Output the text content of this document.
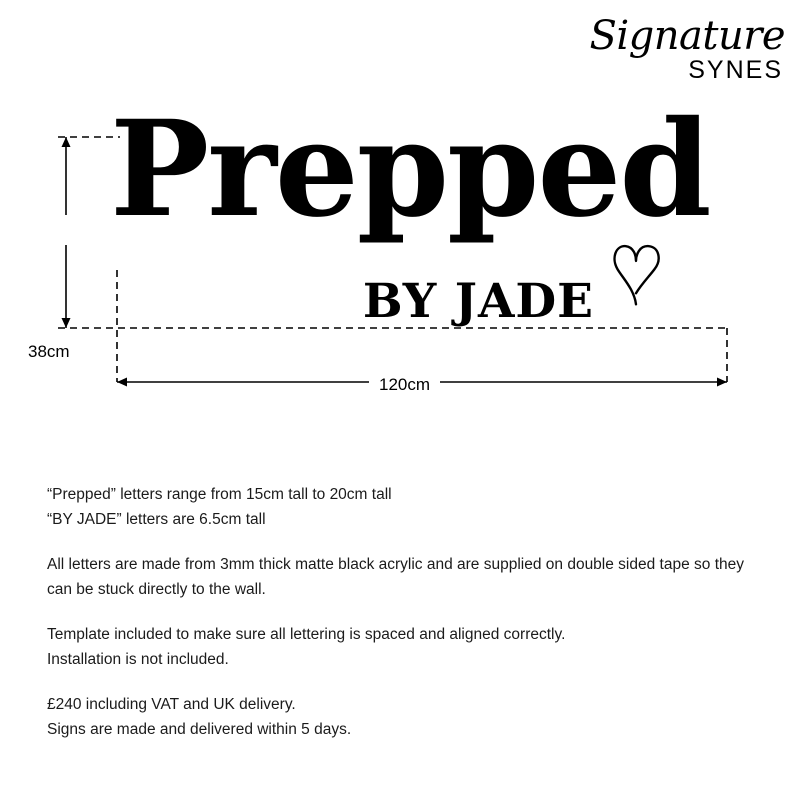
Signature
SYNES
38cm
Prepped
BY JADE
120cm

“Prepped” letters range from 15cm tall to 20cm tall
“BY JADE” letters are 6.5cm tall

All letters are made from 3mm thick matte black acrylic and are supplied on double sided tape so they can be stuck directly to the wall.

Template included to make sure all lettering is spaced and aligned correctly.
Installation is not included.

£240 including VAT and UK delivery.
Signs are made and delivered within 5 days.
